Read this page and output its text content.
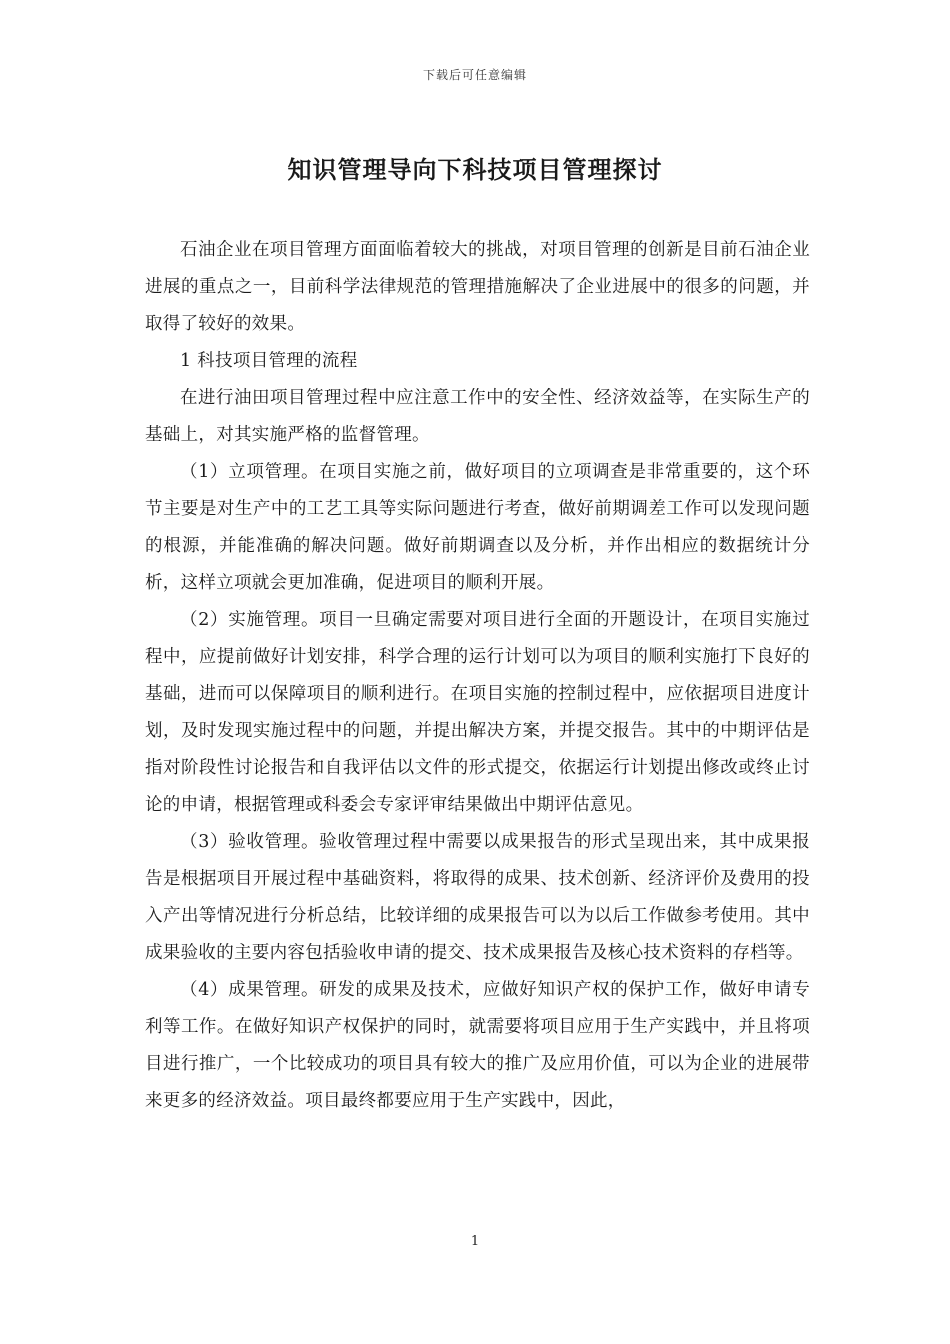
下载后可任意编辑
知识管理导向下科技项目管理探讨

石油企业在项目管理方面面临着较大的挑战，对项目管理的创新是目前石油企业进展的重点之一，目前科学法律规范的管理措施解决了企业进展中的很多的问题，并取得了较好的效果。

1 科技项目管理的流程

在进行油田项目管理过程中应注意工作中的安全性、经济效益等，在实际生产的基础上，对其实施严格的监督管理。

（1）立项管理。在项目实施之前，做好项目的立项调查是非常重要的，这个环节主要是对生产中的工艺工具等实际问题进行考查，做好前期调差工作可以发现问题的根源，并能准确的解决问题。做好前期调查以及分析，并作出相应的数据统计分析，这样立项就会更加准确，促进项目的顺利开展。

（2）实施管理。项目一旦确定需要对项目进行全面的开题设计，在项目实施过程中，应提前做好计划安排，科学合理的运行计划可以为项目的顺利实施打下良好的基础，进而可以保障项目的顺利进行。在项目实施的控制过程中，应依据项目进度计划，及时发现实施过程中的问题，并提出解决方案，并提交报告。其中的中期评估是指对阶段性讨论报告和自我评估以文件的形式提交，依据运行计划提出修改或终止讨论的申请，根据管理或科委会专家评审结果做出中期评估意见。

（3）验收管理。验收管理过程中需要以成果报告的形式呈现出来，其中成果报告是根据项目开展过程中基础资料，将取得的成果、技术创新、经济评价及费用的投入产出等情况进行分析总结，比较详细的成果报告可以为以后工作做参考使用。其中成果验收的主要内容包括验收申请的提交、技术成果报告及核心技术资料的存档等。

（4）成果管理。研发的成果及技术，应做好知识产权的保护工作，做好申请专利等工作。在做好知识产权保护的同时，就需要将项目应用于生产实践中，并且将项目进行推广，一个比较成功的项目具有较大的推广及应用价值，可以为企业的进展带来更多的经济效益。项目最终都要应用于生产实践中，因此，

1
